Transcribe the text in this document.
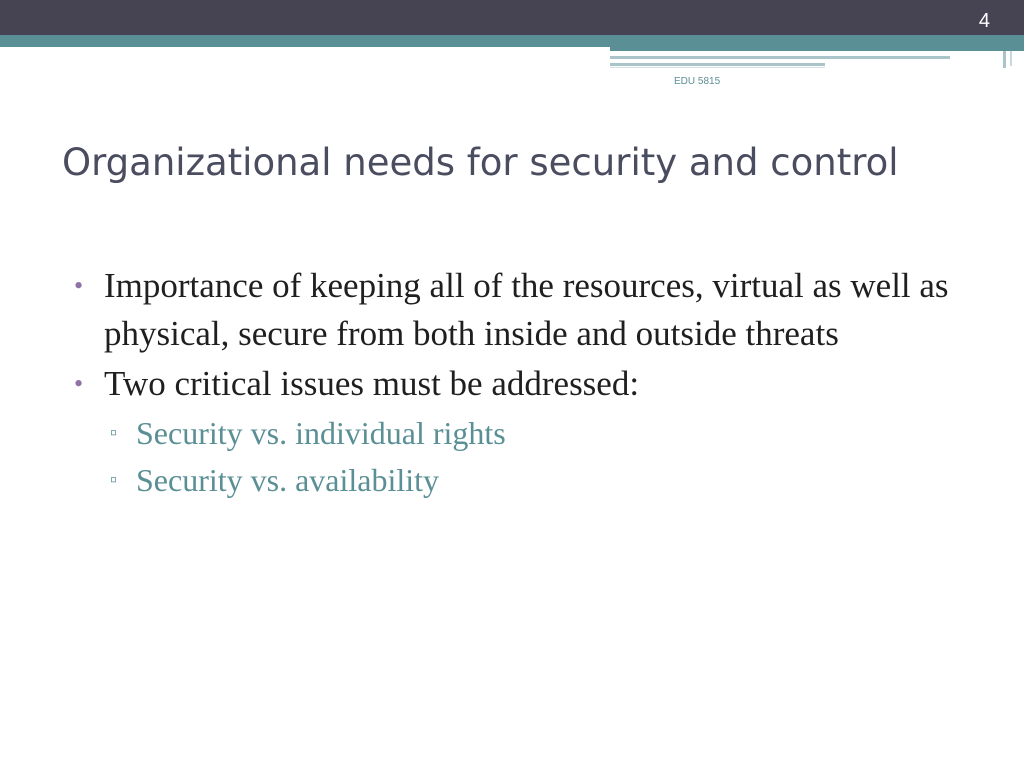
4
EDU 5815
Organizational needs for security and control
• Importance of keeping all of the resources, virtual as well as physical, secure from both inside and outside threats
• Two critical issues must be addressed:
▫ Security vs. individual rights
▫ Security vs. availability
